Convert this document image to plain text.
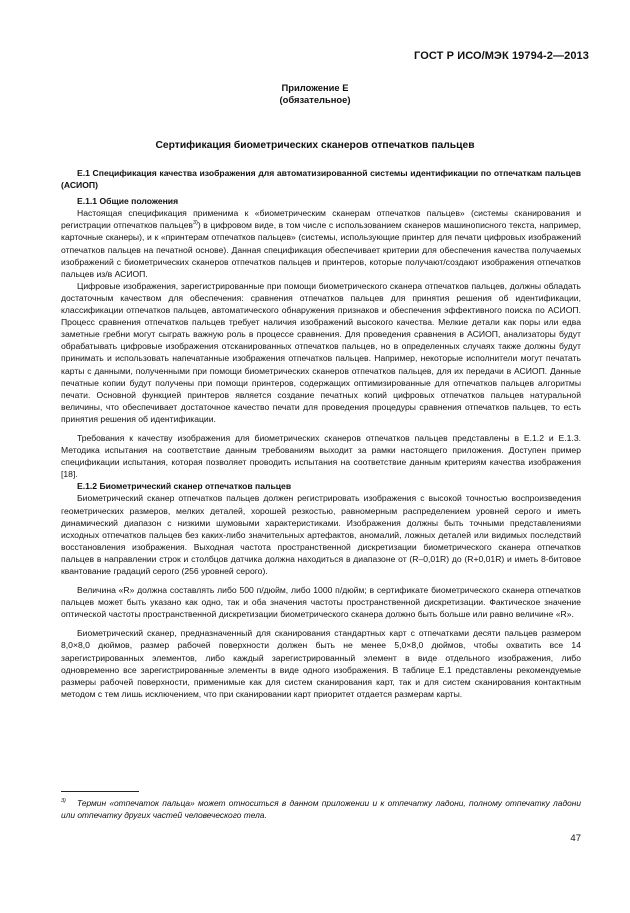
ГОСТ Р ИСО/МЭК 19794-2—2013
Приложение Е
(обязательное)
Сертификация биометрических сканеров отпечатков пальцев

Е.1 Спецификация качества изображения для автоматизированной системы идентификации по отпечаткам пальцев (АСИОП)

Е.1.1 Общие положения

Настоящая спецификация применима к «биометрическим сканерам отпечатков пальцев» (системы сканирования и регистрации отпечатков пальцев$^{3)}$) в цифровом виде, в том числе с использованием сканеров машинописного текста, например, карточные сканеры), и к «принтерам отпечатков пальцев» (системы, использующие принтер для печати цифровых изображений отпечатков пальцев на печатной основе). Данная спецификация обеспечивает критерии для обеспечения качества получаемых изображений с биометрических сканеров отпечатков пальцев и принтеров, которые получают/создают изображения отпечатков пальцев из/в АСИОП.

Цифровые изображения, зарегистрированные при помощи биометрического сканера отпечатков пальцев, должны обладать достаточным качеством для обеспечения: сравнения отпечатков пальцев для принятия решения об идентификации, классификации отпечатков пальцев, автоматического обнаружения признаков и обеспечения эффективного поиска по АСИОП. Процесс сравнения отпечатков пальцев требует наличия изображений высокого качества. Мелкие детали как поры или едва заметные гребни могут сыграть важную роль в процессе сравнения. Для проведения сравнения в АСИОП, анализаторы будут обрабатывать цифровые изображения отсканированных отпечатков пальцев, но в определенных случаях также должны будут принимать и использовать напечатанные изображения отпечатков пальцев. Например, некоторые исполнители могут печатать карты с данными, полученными при помощи биометрических сканеров отпечатков пальцев, для их передачи в АСИОП. Данные печатные копии будут получены при помощи принтеров, содержащих оптимизированные для отпечатков пальцев алгоритмы печати. Основной функцией принтеров является создание печатных копий цифровых отпечатков пальцев натуральной величины, что обеспечивает достаточное качество печати для проведения процедуры сравнения отпечатков пальцев, то есть принятия решения об идентификации.

Требования к качеству изображения для биометрических сканеров отпечатков пальцев представлены в Е.1.2 и Е.1.3. Методика испытания на соответствие данным требованиям выходит за рамки настоящего приложения. Доступен пример спецификации испытания, которая позволяет проводить испытания на соответствие данным критериям качества изображения [18].

Е.1.2 Биометрический сканер отпечатков пальцев

Биометрический сканер отпечатков пальцев должен регистрировать изображения с высокой точностью воспроизведения геометрических размеров, мелких деталей, хорошей резкостью, равномерным распределением уровней серого и иметь динамический диапазон с низкими шумовыми характеристиками. Изображения должны быть точными представлениями исходных отпечатков пальцев без каких-либо значительных артефактов, аномалий, ложных деталей или видимых последствий восстановления изображения. Выходная частота пространственной дискретизации биометрического сканера отпечатков пальцев в направлении строк и столбцов датчика должна находиться в диапазоне от (R–0,01R) до (R+0,01R) и иметь 8-битовое квантование градаций серого (256 уровней серого).

Величина «R» должна составлять либо 500 п/дюйм, либо 1000 п/дюйм; в сертификате биометрического сканера отпечатков пальцев может быть указано как одно, так и оба значения частоты пространственной дискретизации. Фактическое значение оптической частоты пространственной дискретизации биометрического сканера должно быть больше или равно величине «R».

Биометрический сканер, предназначенный для сканирования стандартных карт с отпечатками десяти пальцев размером 8,0×8,0 дюймов, размер рабочей поверхности должен быть не менее 5,0×8,0 дюймов, чтобы охватить все 14 зарегистрированных элементов, либо каждый зарегистрированный элемент в виде отдельного изображения, либо одновременно все зарегистрированные элементы в виде одного изображения. В таблице Е.1 представлены рекомендуемые размеры рабочей поверхности, применимые как для систем сканирования карт, так и для систем сканирования контактным методом с тем лишь исключением, что при сканировании карт приоритет отдается размерам карты.

$^{3)}$ Термин «отпечаток пальца» может относиться в данном приложении и к отпечатку ладони, полному отпечатку ладони или отпечатку других частей человеческого тела.
47
